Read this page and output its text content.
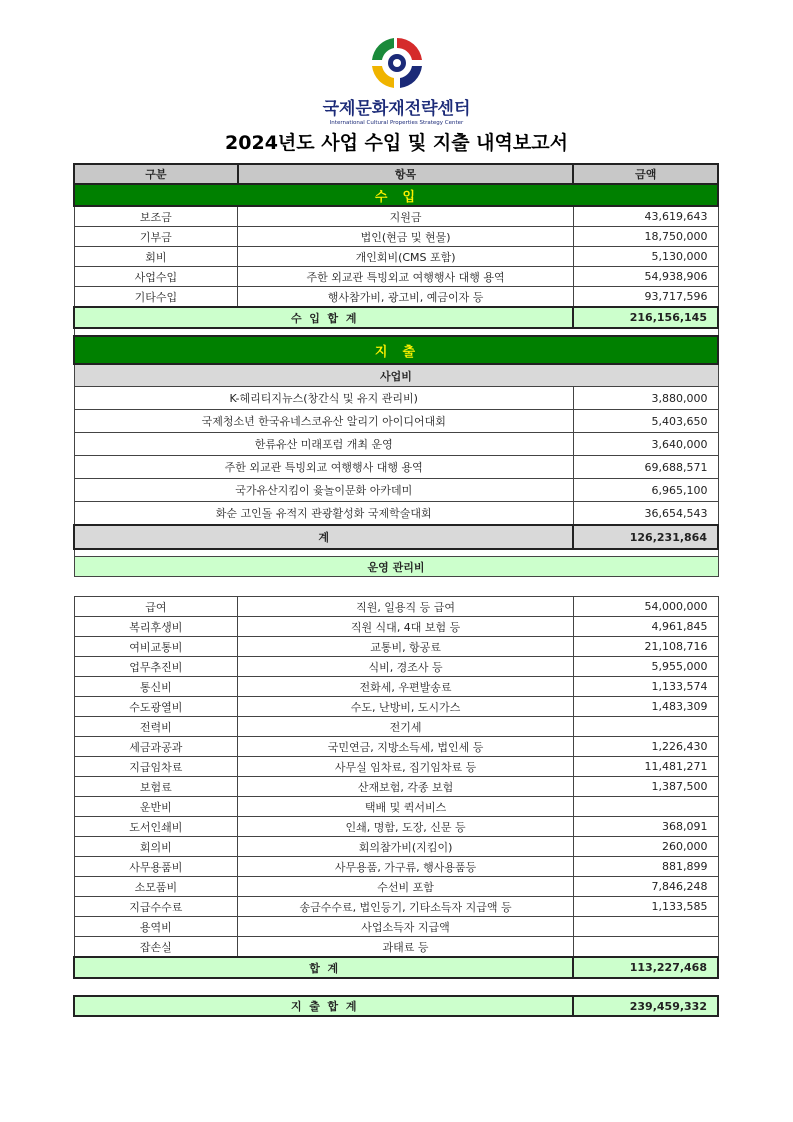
국제문화재전략센터
International Cultural Properties Strategy Center
2024년도 사업 수입 및 지출 내역보고서
구분	항목	금액
수  입		
보조금	지원금	43,619,643
기부금	법인(현금 및 현물)	18,750,000
회비	개인회비(CMS 포함)	5,130,000
사업수입	주한 외교관 특빙외교 여행행사 대행 용역	54,938,906
기타수입	행사참가비, 광고비, 예금이자 등	93,717,596
수  입  합  계		216,156,145

지  출		
사업비		
K-헤리티지뉴스(창간식 및 유지 관리비)		3,880,000
국제청소년 한국유네스코유산 알리기 아이디어대회		5,403,650
한류유산 미래포럼 개최 운영		3,640,000
주한 외교관 특빙외교 여행행사 대행 용역		69,688,571
국가유산지킴이 윷놀이문화 아카데미		6,965,100
화순 고인돌 유적지 관광활성화 국제학술대회		36,654,543
계		126,231,864

운영 관리비		
급여	직원, 일용직 등 급여	54,000,000
복리후생비	직원 식대, 4대 보험 등	4,961,845
여비교통비	교통비, 항공료	21,108,716
업무추진비	식비, 경조사 등	5,955,000
통신비	전화세, 우편발송료	1,133,574
수도광열비	수도, 난방비, 도시가스	1,483,309
전력비	전기세	
세금과공과	국민연금, 지방소득세, 법인세 등	1,226,430
지급임차료	사무실 임차료, 집기임차료 등	11,481,271
보험료	산재보험, 각종 보험	1,387,500
운반비	택배 및 퀵서비스	
도서인쇄비	인쇄, 명함, 도장, 신문 등	368,091
회의비	회의참가비(지킴이)	260,000
사무용품비	사무용품, 가구류, 행사용품등	881,899
소모품비	수선비 포함	7,846,248
지급수수료	송금수수료, 법인등기, 기타소득자 지급액 등	1,133,585
용역비	사업소득자 지급액	
잡손실	과태료 등	
합  계		113,227,468
지  출  합  계	239,459,332
